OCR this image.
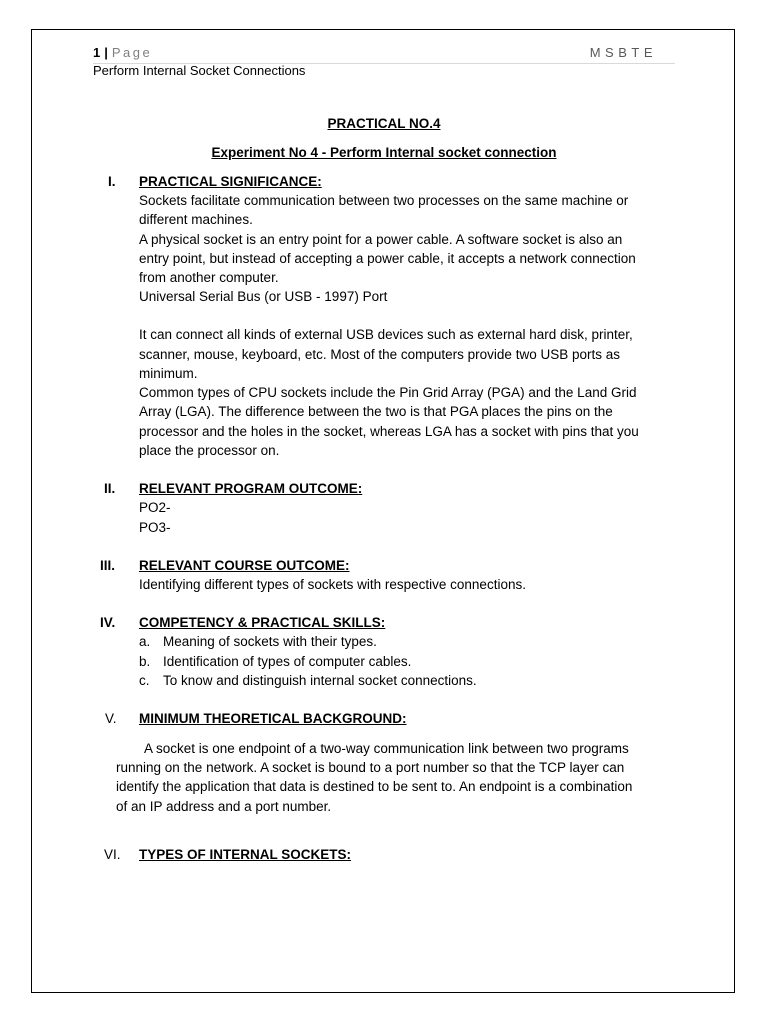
1 | Page	MSBTE
Perform Internal Socket Connections
PRACTICAL NO.4
Experiment No 4 - Perform Internal socket connection
I. PRACTICAL SIGNIFICANCE:
Sockets facilitate communication between two processes on the same machine or
different machines.
A physical socket is an entry point for a power cable. A software socket is also an
entry point, but instead of accepting a power cable, it accepts a network connection
from another computer.
Universal Serial Bus (or USB - 1997) Port
It can connect all kinds of external USB devices such as external hard disk, printer,
scanner, mouse, keyboard, etc. Most of the computers provide two USB ports as
minimum.
Common types of CPU sockets include the Pin Grid Array (PGA) and the Land Grid
Array (LGA). The difference between the two is that PGA places the pins on the
processor and the holes in the socket, whereas LGA has a socket with pins that you
place the processor on.
II. RELEVANT PROGRAM OUTCOME:
PO2-
PO3-
III. RELEVANT COURSE OUTCOME:
Identifying different types of sockets with respective connections.
IV. COMPETENCY & PRACTICAL SKILLS:
a. Meaning of sockets with their types.
b. Identification of types of computer cables.
c. To know and distinguish internal socket connections.
V. MINIMUM THEORETICAL BACKGROUND:
A socket is one endpoint of a two-way communication link between two programs
running on the network. A socket is bound to a port number so that the TCP layer can
identify the application that data is destined to be sent to. An endpoint is a combination
of an IP address and a port number.
VI. TYPES OF INTERNAL SOCKETS:
